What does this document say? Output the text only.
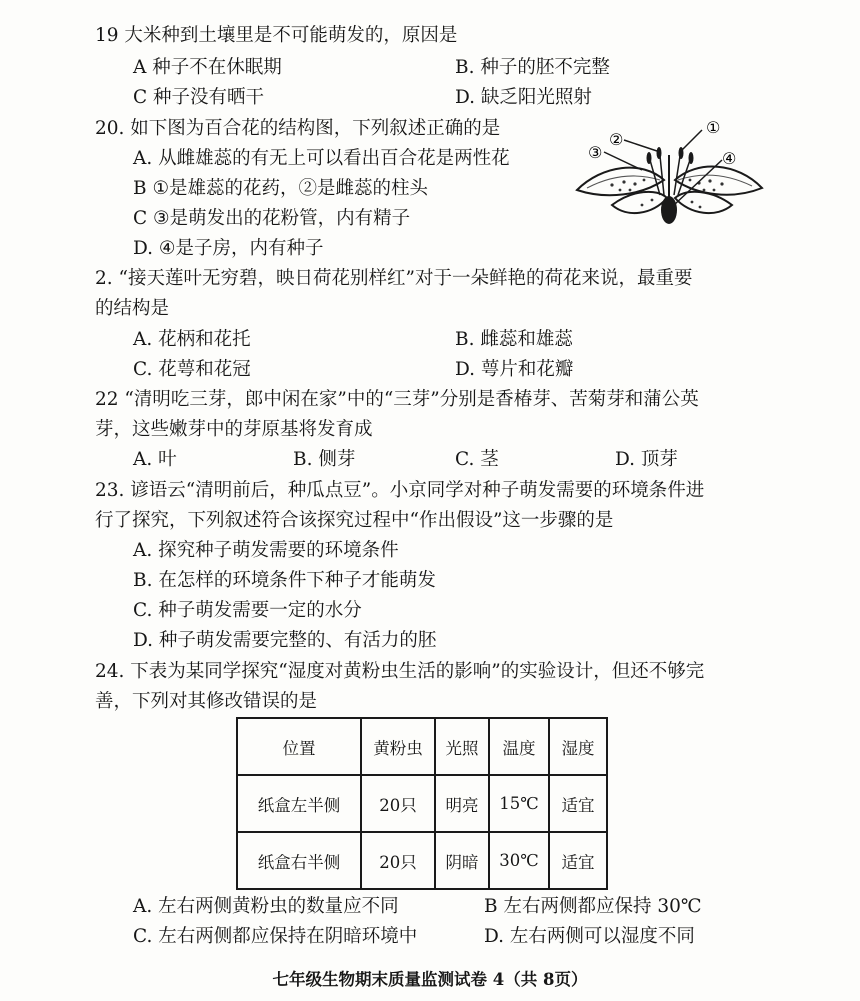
19 大米种到土壤里是不可能萌发的，原因是
A 种子不在休眠期	B. 种子的胚不完整
C 种子没有晒干	D. 缺乏阳光照射
20. 如下图为百合花的结构图，下列叙述正确的是
A. 从雌雄蕊的有无上可以看出百合花是两性花
B ①是雄蕊的花药，②是雌蕊的柱头
C ③是萌发出的花粉管，内有精子
D. ④是子房，内有种子
①
②
③	④
2. “接天莲叶无穷碧，映日荷花别样红”对于一朵鲜艳的荷花来说，最重要
的结构是
A. 花柄和花托	B. 雌蕊和雄蕊
C. 花萼和花冠	D. 萼片和花瓣
22 “清明吃三芽，郎中闲在家”中的“三芽”分别是香椿芽、苦菊芽和蒲公英
芽，这些嫩芽中的芽原基将发育成
A. 叶	B. 侧芽	C. 茎	D. 顶芽
23. 谚语云“清明前后，种瓜点豆”。小京同学对种子萌发需要的环境条件进
行了探究，下列叙述符合该探究过程中“作出假设”这一步骤的是
A. 探究种子萌发需要的环境条件
B. 在怎样的环境条件下种子才能萌发
C. 种子萌发需要一定的水分
D. 种子萌发需要完整的、有活力的胚
24. 下表为某同学探究“湿度对黄粉虫生活的影响”的实验设计，但还不够完
善，下列对其修改错误的是
位置	黄粉虫	光照	温度	湿度
纸盒左半侧	20只	明亮	15℃	适宜
纸盒右半侧	20只	阴暗	30℃	适宜
A. 左右两侧黄粉虫的数量应不同	B 左右两侧都应保持 30℃
C. 左右两侧都应保持在阴暗环境中	D. 左右两侧可以湿度不同
七年级生物期末质量监测试卷 4（共 8页）
